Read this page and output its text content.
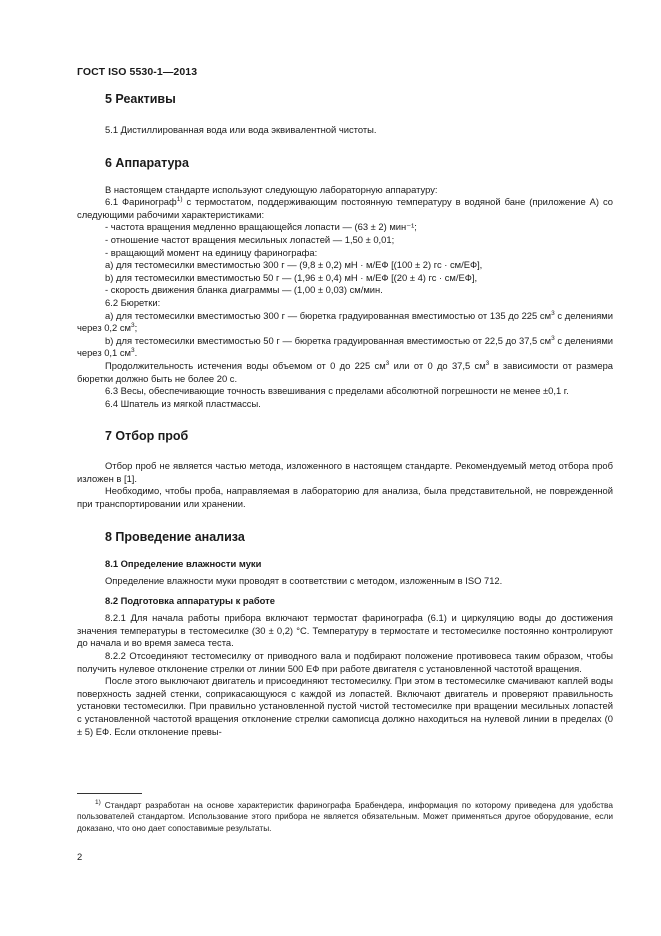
ГОСТ ISO 5530-1—2013
5 Реактивы

5.1 Дистиллированная вода или вода эквивалентной чистоты.

6 Аппаратура

В настоящем стандарте используют следующую лабораторную аппаратуру:

6.1 Фаринограф$^{1)}$ с термостатом, поддерживающим постоянную температуру в водяной бане (приложение А) со следующими рабочими характеристиками:

- частота вращения медленно вращающейся лопасти — (63 ± 2) мин⁻¹;

- отношение частот вращения месильных лопастей — 1,50 ± 0,01;

- вращающий момент на единицу фаринографа:

a) для тестомесилки вместимостью 300 г — (9,8 ± 0,2) мН · м/ЕФ [(100 ± 2) гс · см/ЕФ],

b) для тестомесилки вместимостью 50 г — (1,96 ± 0,4) мН · м/ЕФ [(20 ± 4) гс · см/ЕФ],

- скорость движения бланка диаграммы — (1,00 ± 0,03) см/мин.

6.2 Бюретки:

a) для тестомесилки вместимостью 300 г — бюретка градуированная вместимостью от 135 до 225 $см^3$ с делениями через 0,2 $см^3$;

b) для тестомесилки вместимостью 50 г — бюретка градуированная вместимостью от 22,5 до 37,5 $см^3$ с делениями через 0,1 $см^3$.

Продолжительность истечения воды объемом от 0 до 225 $см^3$ или от 0 до 37,5 $см^3$ в зависимости от размера бюретки должно быть не более 20 с.

6.3 Весы, обеспечивающие точность взвешивания с пределами абсолютной погрешности не менее ±0,1 г.

6.4 Шпатель из мягкой пластмассы.

7 Отбор проб

Отбор проб не является частью метода, изложенного в настоящем стандарте. Рекомендуемый метод отбора проб изложен в [1].

Необходимо, чтобы проба, направляемая в лабораторию для анализа, была представительной, не поврежденной при транспортировании или хранении.

8 Проведение анализа
8.1 Определение влажности муки

Определение влажности муки проводят в соответствии с методом, изложенным в ISO 712.

8.2 Подготовка аппаратуры к работе

8.2.1 Для начала работы прибора включают термостат фаринографа (6.1) и циркуляцию воды до достижения значения температуры в тестомесилке (30 ± 0,2) °С. Температуру в термостате и тестомесилке постоянно контролируют до начала и во время замеса теста.

8.2.2 Отсоединяют тестомесилку от приводного вала и подбирают положение противовеса таким образом, чтобы получить нулевое отклонение стрелки от линии 500 ЕФ при работе двигателя с установленной частотой вращения.

После этого выключают двигатель и присоединяют тестомесилку. При этом в тестомесилке смачивают каплей воды поверхность задней стенки, соприкасающуюся с каждой из лопастей. Включают двигатель и проверяют правильность установки тестомесилки. При правильно установленной пустой чистой тестомесилке при вращении месильных лопастей с установленной частотой вращения отклонение стрелки самописца должно находиться на нулевой линии в пределах (0 ± 5) ЕФ. Если отклонение превы-

$^{1)}$ Стандарт разработан на основе характеристик фаринографа Брабендера, информация по которому приведена для удобства пользователей стандартом. Использование этого прибора не является обязательным. Может применяться другое оборудование, если доказано, что оно дает сопоставимые результаты.

2
